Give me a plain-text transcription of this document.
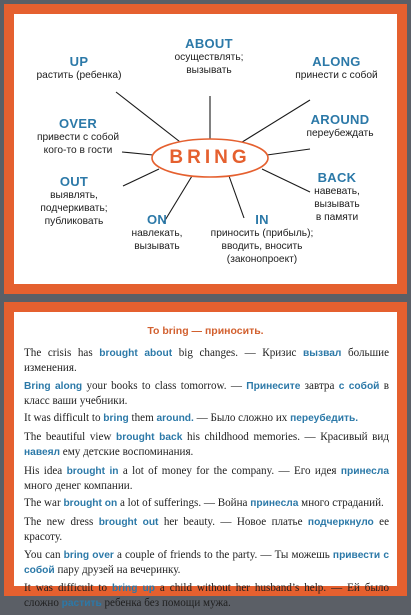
BRING
ABOUT
осуществлять;
вызывать
UP
растить (ребенка)
ALONG
принести с собой
OVER
привести с собой
кого-то в гости
AROUND
переубеждать
OUT
выявлять,
подчеркивать;
публиковать
BACK
навевать,
вызывать
в памяти
ON
навлекать,
вызывать
IN
приносить (прибыль);
вводить, вносить
(законопроект)
To bring — приносить.

The crisis has brought about big changes. — Кризис вызвал большие изменения.

Bring along your books to class tomorrow. — Принесите завтра с собой в класс ваши учебники.

It was difficult to bring them around. — Было сложно их переубедить.

The beautiful view brought back his childhood memories. — Красивый вид навеял ему детские воспоминания.

His idea brought in a lot of money for the company. — Его идея принесла много денег компании.

The war brought on a lot of sufferings. — Война принесла много страданий.

The new dress brought out her beauty. — Новое платье подчеркнуло ее красоту.

You can bring over a couple of friends to the party. — Ты можешь привести с собой пару друзей на вечеринку.

It was difficult to bring up a child without her husband’s help. — Ей было сложно растить ребенка без помощи мужа.
